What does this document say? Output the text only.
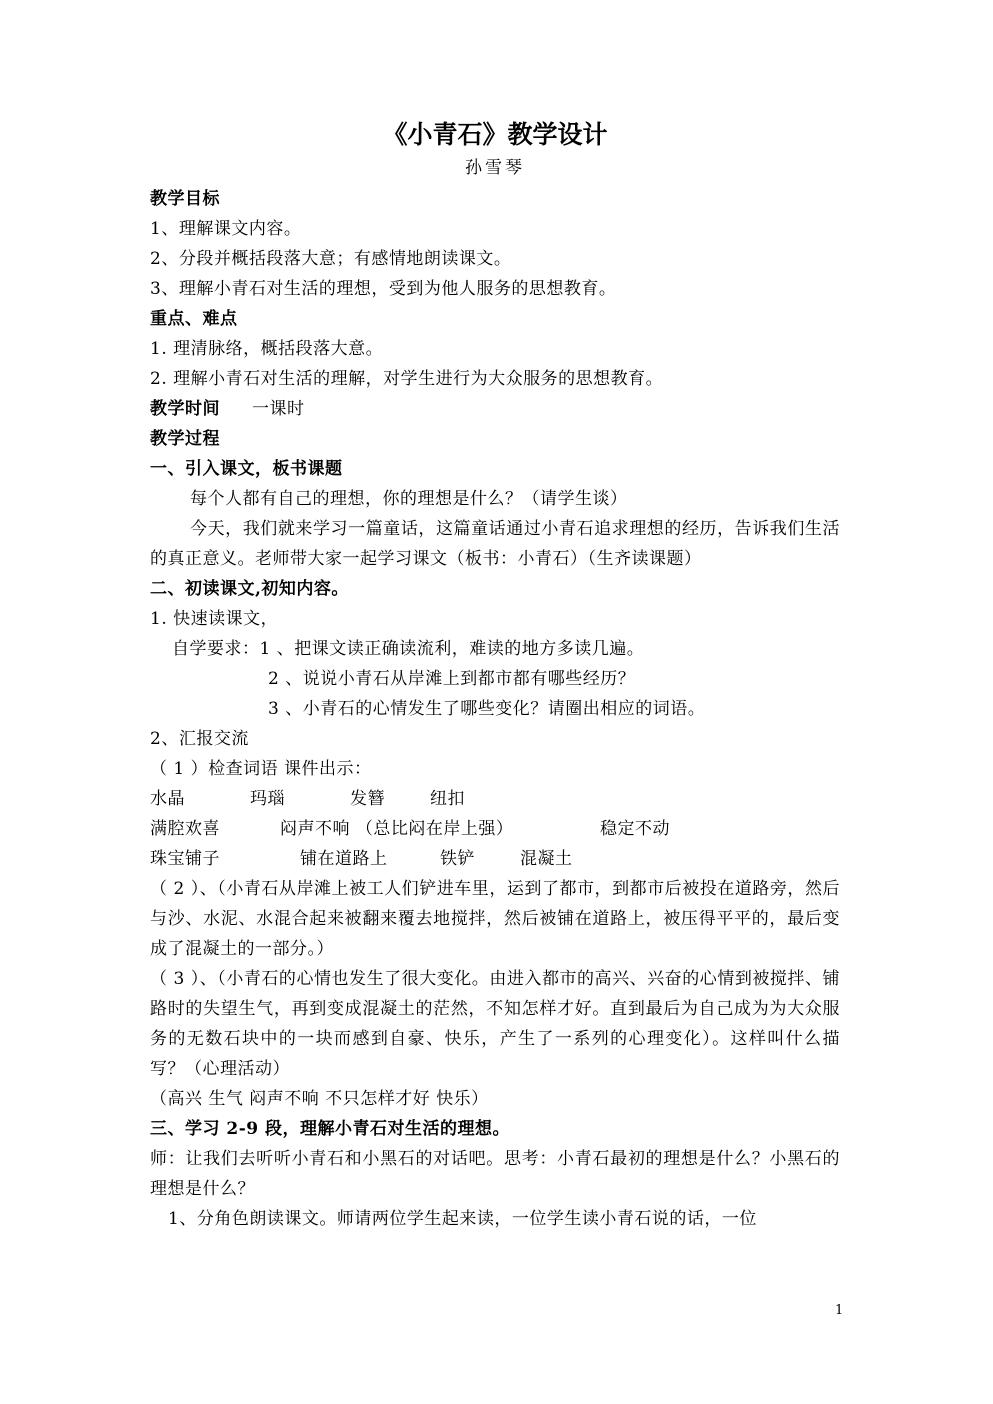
《小青石》教学设计
孙雪琴

教学目标

1、理解课文内容。

2、分段并概括段落大意；有感情地朗读课文。

3、理解小青石对生活的理想，受到为他人服务的思想教育。

重点、难点

1. 理清脉络，概括段落大意。

2. 理解小青石对生活的理解，对学生进行为大众服务的思想教育。

教学时间 一课时

教学过程

一、引入课文，板书课题

每个人都有自己的理想，你的理想是什么？（请学生谈）

今天，我们就来学习一篇童话，这篇童话通过小青石追求理想的经历，告诉我们生活的真正意义。老师带大家一起学习课文（板书：小青石）（生齐读课题）

二、初读课文,初知内容。

1. 快速读课文，

自学要求：1 、把课文读正确读流利，难读的地方多读几遍。

2 、说说小青石从岸滩上到都市都有哪些经历？

3 、小青石的心情发生了哪些变化？请圈出相应的词语。

2、汇报交流

（ 1 ）检查词语 课件出示：

水晶	玛瑙	发簪	纽扣

满腔欢喜	闷声不响 （总比闷在岸上强）	稳定不动

珠宝铺子	铺在道路上	铁铲	混凝土

（ 2 ）、（小青石从岸滩上被工人们铲进车里，运到了都市，到都市后被投在道路旁，然后与沙、水泥、水混合起来被翻来覆去地搅拌，然后被铺在道路上，被压得平平的，最后变成了混凝土的一部分。）

（ 3 ）、（小青石的心情也发生了很大变化。由进入都市的高兴、兴奋的心情到被搅拌、铺路时的失望生气，再到变成混凝土的茫然，不知怎样才好。直到最后为自己成为为大众服务的无数石块中的一块而感到自豪、快乐，产生了一系列的心理变化）。这样叫什么描写？（心理活动）

（高兴 生气 闷声不响 不只怎样才好 快乐）

三、学习 2-9 段，理解小青石对生活的理想。

师：让我们去听听小青石和小黑石的对话吧。思考：小青石最初的理想是什么？小黑石的理想是什么？

1、分角色朗读课文。师请两位学生起来读，一位学生读小青石说的话，一位

1
